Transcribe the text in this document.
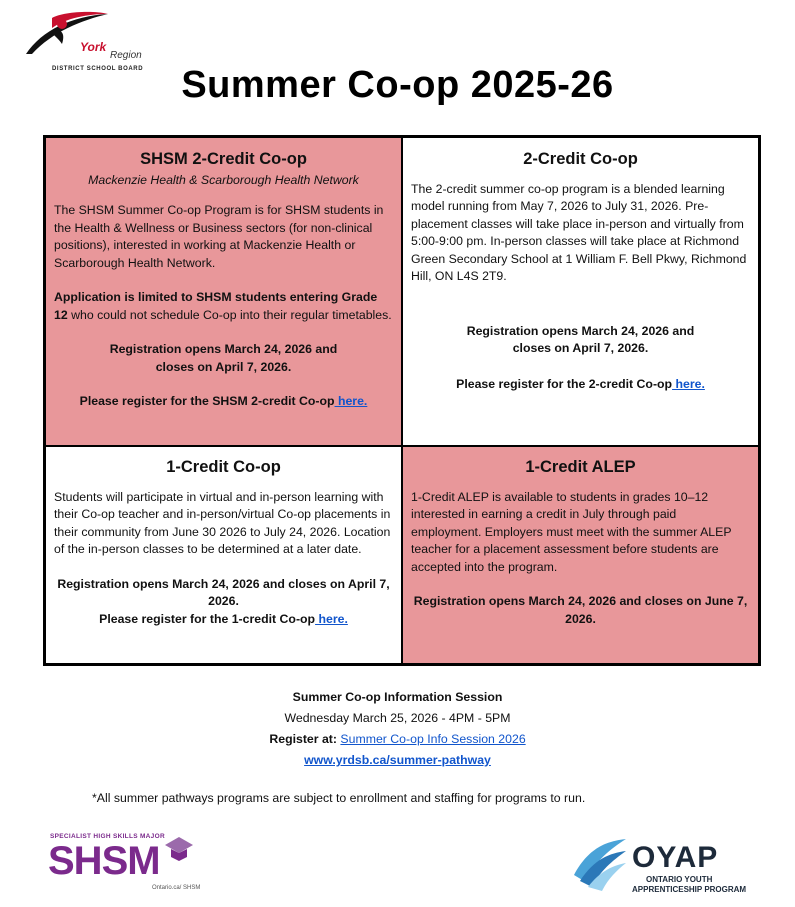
York
Region
DISTRICT SCHOOL BOARD	Summer Co-op 2025-26
SHSM 2-Credit Co-op
Mackenzie Health & Scarborough Health Network

The SHSM Summer Co-op Program is for SHSM students in the Health & Wellness or Business sectors (for non-clinical positions), interested in working at Mackenzie Health or Scarborough Health Network.

Application is limited to SHSM students entering Grade 12 who could not schedule Co-op into their regular timetables.

Registration opens March 24, 2026 and closes on April 7, 2026.

Please register for the SHSM 2-credit Co-op here.

2-Credit Co-op

The 2-credit summer co-op program is a blended learning model running from May 7, 2026 to July 31, 2026. Pre-placement classes will take place in-person and virtually from 5:00-9:00 pm. In-person classes will take place at Richmond Green Secondary School at 1 William F. Bell Pkwy, Richmond Hill, ON L4S 2T9.

Registration opens March 24, 2026 and closes on April 7, 2026.

Please register for the 2-credit Co-op here.

1-Credit Co-op

Students will participate in virtual and in-person learning with their Co-op teacher and in-person/virtual Co-op placements in their community from June 30 2026 to July 24, 2026. Location of the in-person classes to be determined at a later date.

Registration opens March 24, 2026 and closes on April 7, 2026.

Please register for the 1-credit Co-op here.

1-Credit ALEP

1-Credit ALEP is available to students in grades 10–12 interested in earning a credit in July through paid employment. Employers must meet with the summer ALEP teacher for a placement assessment before students are accepted into the program.

Registration opens March 24, 2026 and closes on June 7, 2026.

Summer Co-op Information Session
Wednesday March 25, 2026 - 4PM - 5PM
Register at: Summer Co-op Info Session 2026
www.yrdsb.ca/summer-pathway
*All summer pathways programs are subject to enrollment and staffing for programs to run.
SPECIALIST HIGH SKILLS MAJOR
SHSM
Ontario.ca/ SHSM
OYAP
ONTARIO YOUTH
APPRENTICESHIP PROGRAM
